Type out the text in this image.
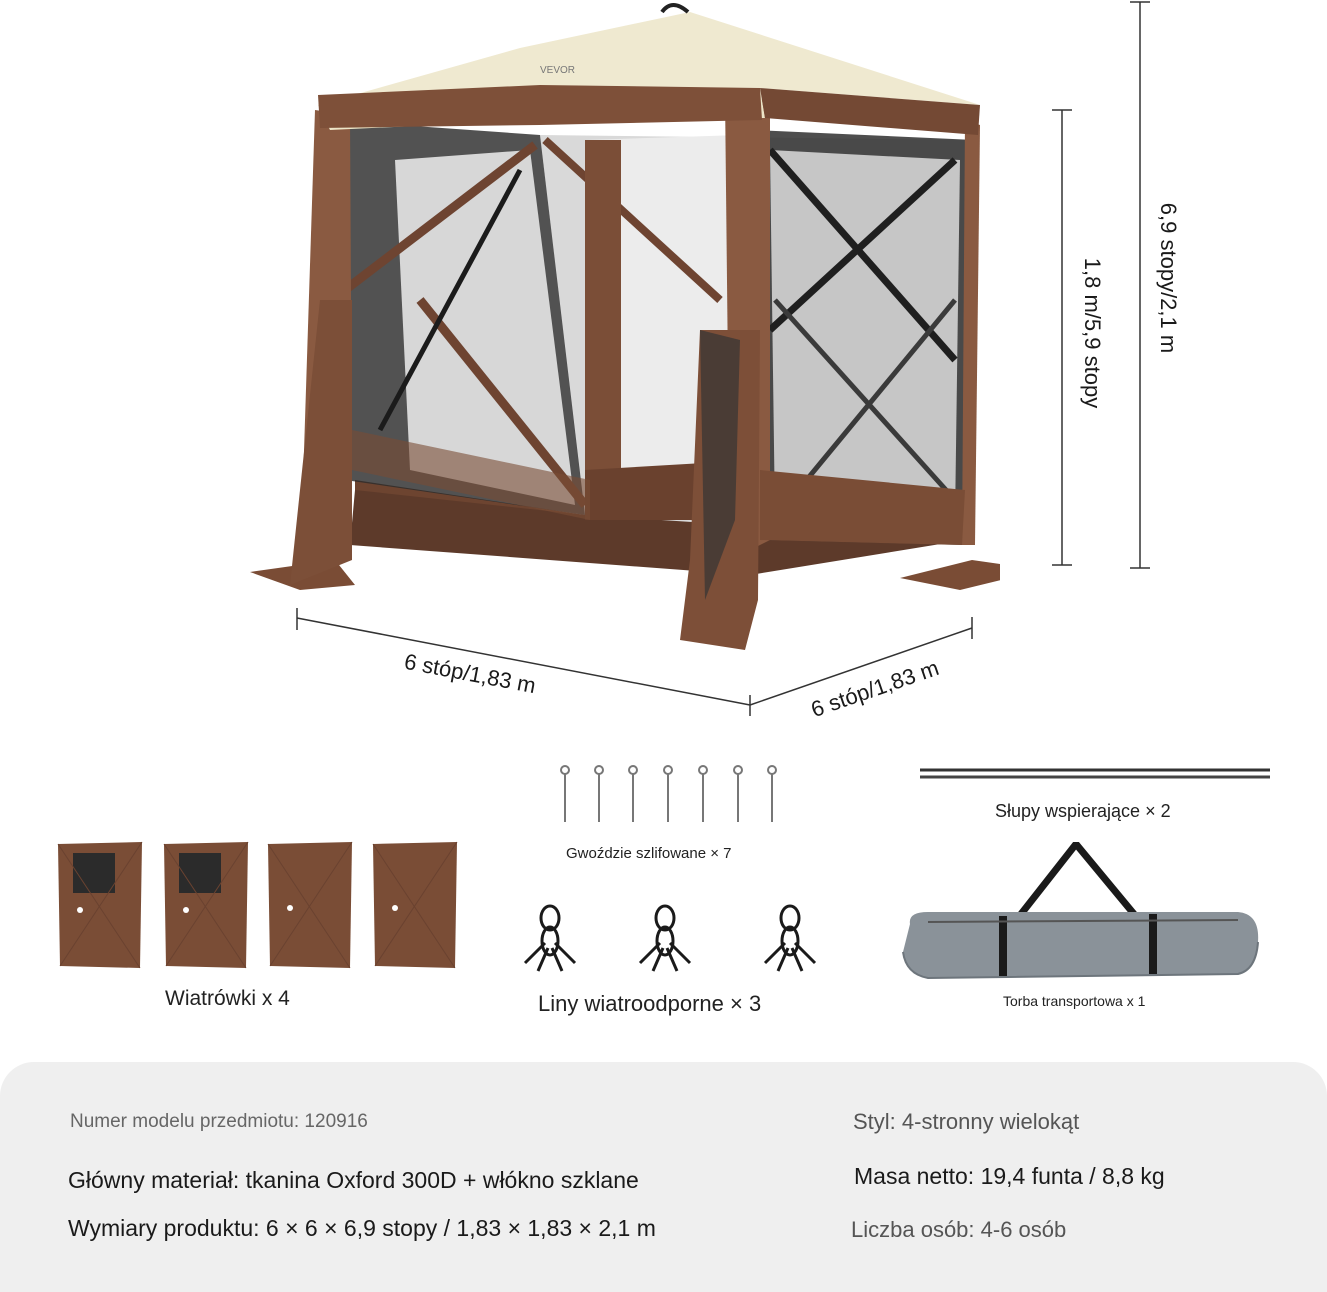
VEVOR
6,9 stopy/2,1 m
1,8 m/5,9 stopy
6 stóp/1,83 m	6 stóp/1,83 m
Gwoździe szlifowane × 7
Słupy wspierające × 2
Wiatrówki x 4	Liny wiatroodporne × 3	Torba transportowa x 1
Numer modelu przedmiotu: 120916
Główny materiał: tkanina Oxford 300D + włókno szklane
Wymiary produktu: 6 × 6 × 6,9 stopy / 1,83 × 1,83 × 2,1 m
Styl: 4-stronny wielokąt
Masa netto: 19,4 funta / 8,8 kg
Liczba osób: 4-6 osób
